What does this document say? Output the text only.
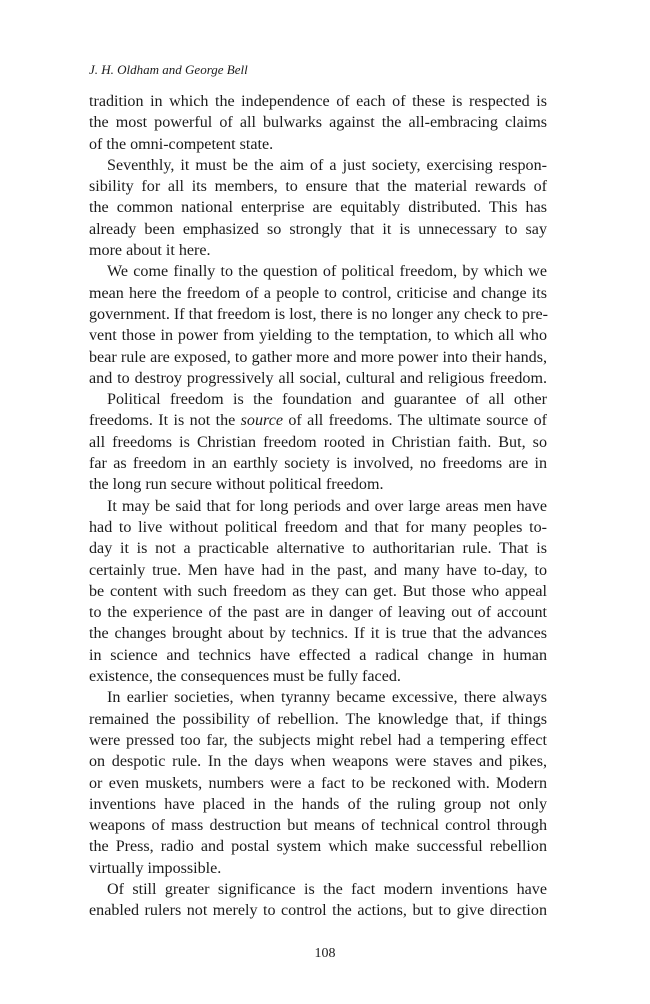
J. H. Oldham and George Bell
tradition in which the independence of each of these is respected is
the most powerful of all bulwarks against the all-embracing claims
of the omni-competent state.
Seventhly, it must be the aim of a just society, exercising respon-
sibility for all its members, to ensure that the material rewards of
the common national enterprise are equitably distributed. This has
already been emphasized so strongly that it is unnecessary to say
more about it here.
We come finally to the question of political freedom, by which we
mean here the freedom of a people to control, criticise and change its
government. If that freedom is lost, there is no longer any check to pre-
vent those in power from yielding to the temptation, to which all who
bear rule are exposed, to gather more and more power into their hands,
and to destroy progressively all social, cultural and religious freedom.
Political freedom is the foundation and guarantee of all other
freedoms. It is not the source of all freedoms. The ultimate source of
all freedoms is Christian freedom rooted in Christian faith. But, so
far as freedom in an earthly society is involved, no freedoms are in
the long run secure without political freedom.
It may be said that for long periods and over large areas men have
had to live without political freedom and that for many peoples to-
day it is not a practicable alternative to authoritarian rule. That is
certainly true. Men have had in the past, and many have to-day, to
be content with such freedom as they can get. But those who appeal
to the experience of the past are in danger of leaving out of account
the changes brought about by technics. If it is true that the advances
in science and technics have effected a radical change in human
existence, the consequences must be fully faced.
In earlier societies, when tyranny became excessive, there always
remained the possibility of rebellion. The knowledge that, if things
were pressed too far, the subjects might rebel had a tempering effect
on despotic rule. In the days when weapons were staves and pikes,
or even muskets, numbers were a fact to be reckoned with. Modern
inventions have placed in the hands of the ruling group not only
weapons of mass destruction but means of technical control through
the Press, radio and postal system which make successful rebellion
virtually impossible.
Of still greater significance is the fact modern inventions have
enabled rulers not merely to control the actions, but to give direction
108
